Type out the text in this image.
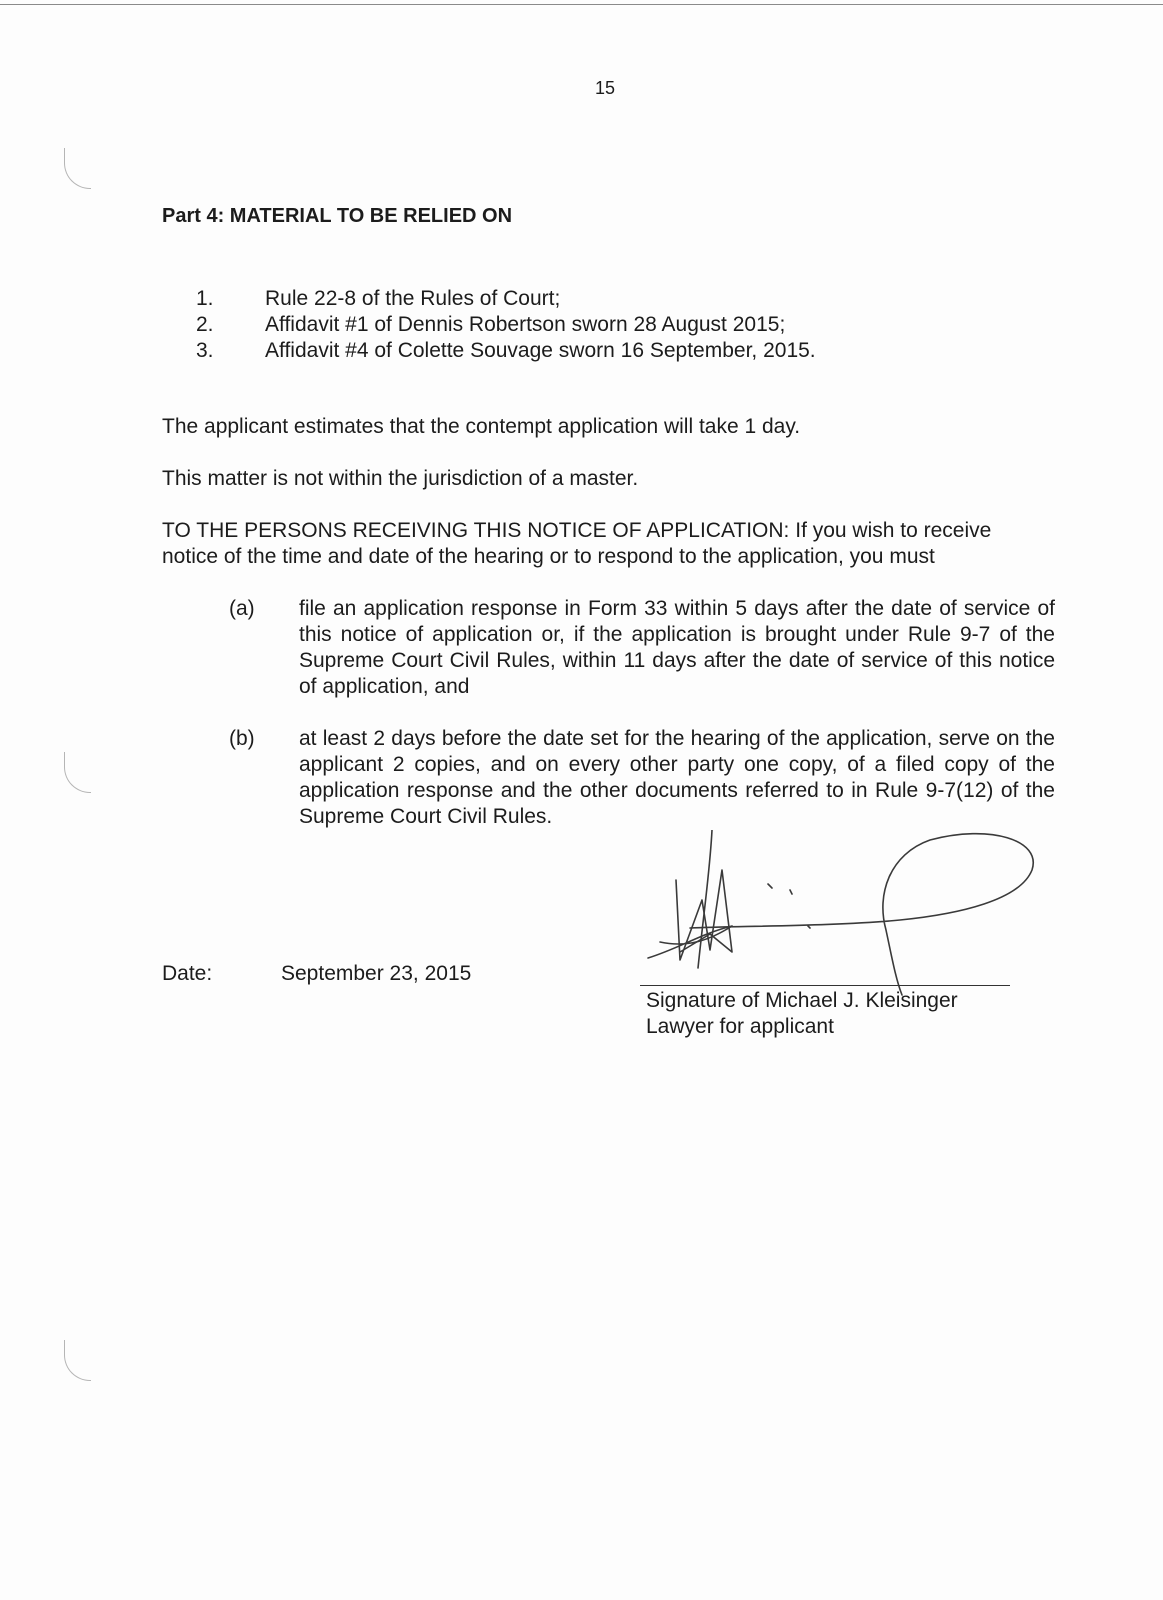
15
Part 4: MATERIAL TO BE RELIED ON
1.	Rule 22-8 of the Rules of Court;
2.	Affidavit #1 of Dennis Robertson sworn 28 August 2015;
3.	Affidavit #4 of Colette Souvage sworn 16 September, 2015.

The applicant estimates that the contempt application will take 1 day.

This matter is not within the jurisdiction of a master.

TO THE PERSONS RECEIVING THIS NOTICE OF APPLICATION: If you wish to receive notice of the time and date of the hearing or to respond to the application, you must

(a)	file an application response in Form 33 within 5 days after the date of service of this notice of application or, if the application is brought under Rule 9-7 of the Supreme Court Civil Rules, within 11 days after the date of service of this notice of application, and
(b)	at least 2 days before the date set for the hearing of the application, serve on the applicant 2 copies, and on every other party one copy, of a filed copy of the application response and the other documents referred to in Rule 9-7(12) of the Supreme Court Civil Rules.
Date:	September 23, 2015
Signature of Michael J. Kleisinger
Lawyer for applicant
